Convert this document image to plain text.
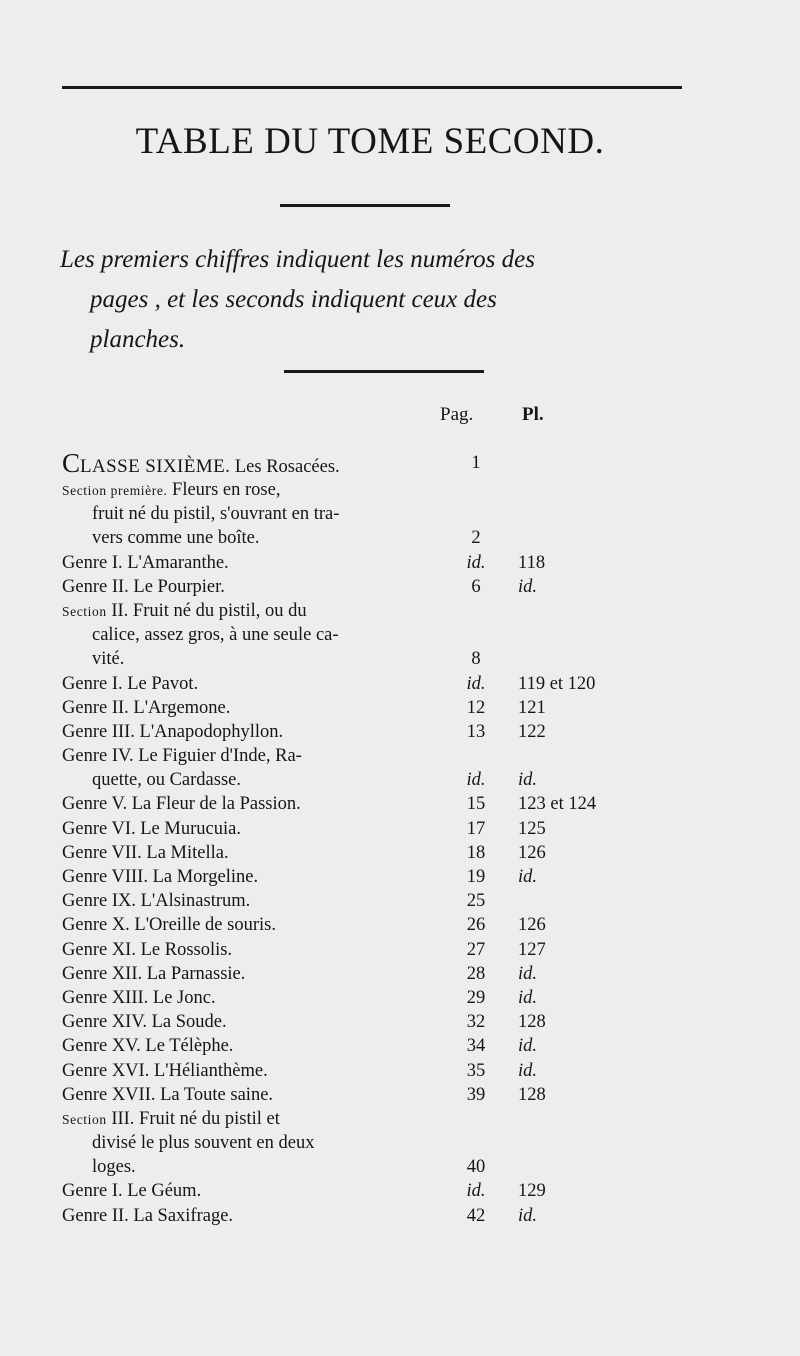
TABLE DU TOME SECOND.
Les premiers chiffres indiquent les numéros des
pages , et les seconds indiquent ceux des
planches.
Pag.	Pl.
CLASSE SIXIÈME. Les Rosacées.	1
Section première. Fleurs en rose,
fruit né du pistil, s'ouvrant en tra-
vers comme une boîte.	2
Genre I. L'Amaranthe.	id.	118
Genre II. Le Pourpier.	6	id.
Section II. Fruit né du pistil, ou du
calice, assez gros, à une seule ca-
vité.	8
Genre I. Le Pavot.	id.	119 et 120
Genre II. L'Argemone.	12	121
Genre III. L'Anapodophyllon.	13	122
Genre IV. Le Figuier d'Inde, Ra-
quette, ou Cardasse.	id.	id.
Genre V. La Fleur de la Passion.	15	123 et 124
Genre VI. Le Murucuia.	17	125
Genre VII. La Mitella.	18	126
Genre VIII. La Morgeline.	19	id.
Genre IX. L'Alsinastrum.	25
Genre X. L'Oreille de souris.	26	126
Genre XI. Le Rossolis.	27	127
Genre XII. La Parnassie.	28	id.
Genre XIII. Le Jonc.	29	id.
Genre XIV. La Soude.	32	128
Genre XV. Le Télèphe.	34	id.
Genre XVI. L'Hélianthème.	35	id.
Genre XVII. La Toute saine.	39	128
Section III. Fruit né du pistil et
divisé le plus souvent en deux
loges.	40
Genre I. Le Géum.	id.	129
Genre II. La Saxifrage.	42	id.
